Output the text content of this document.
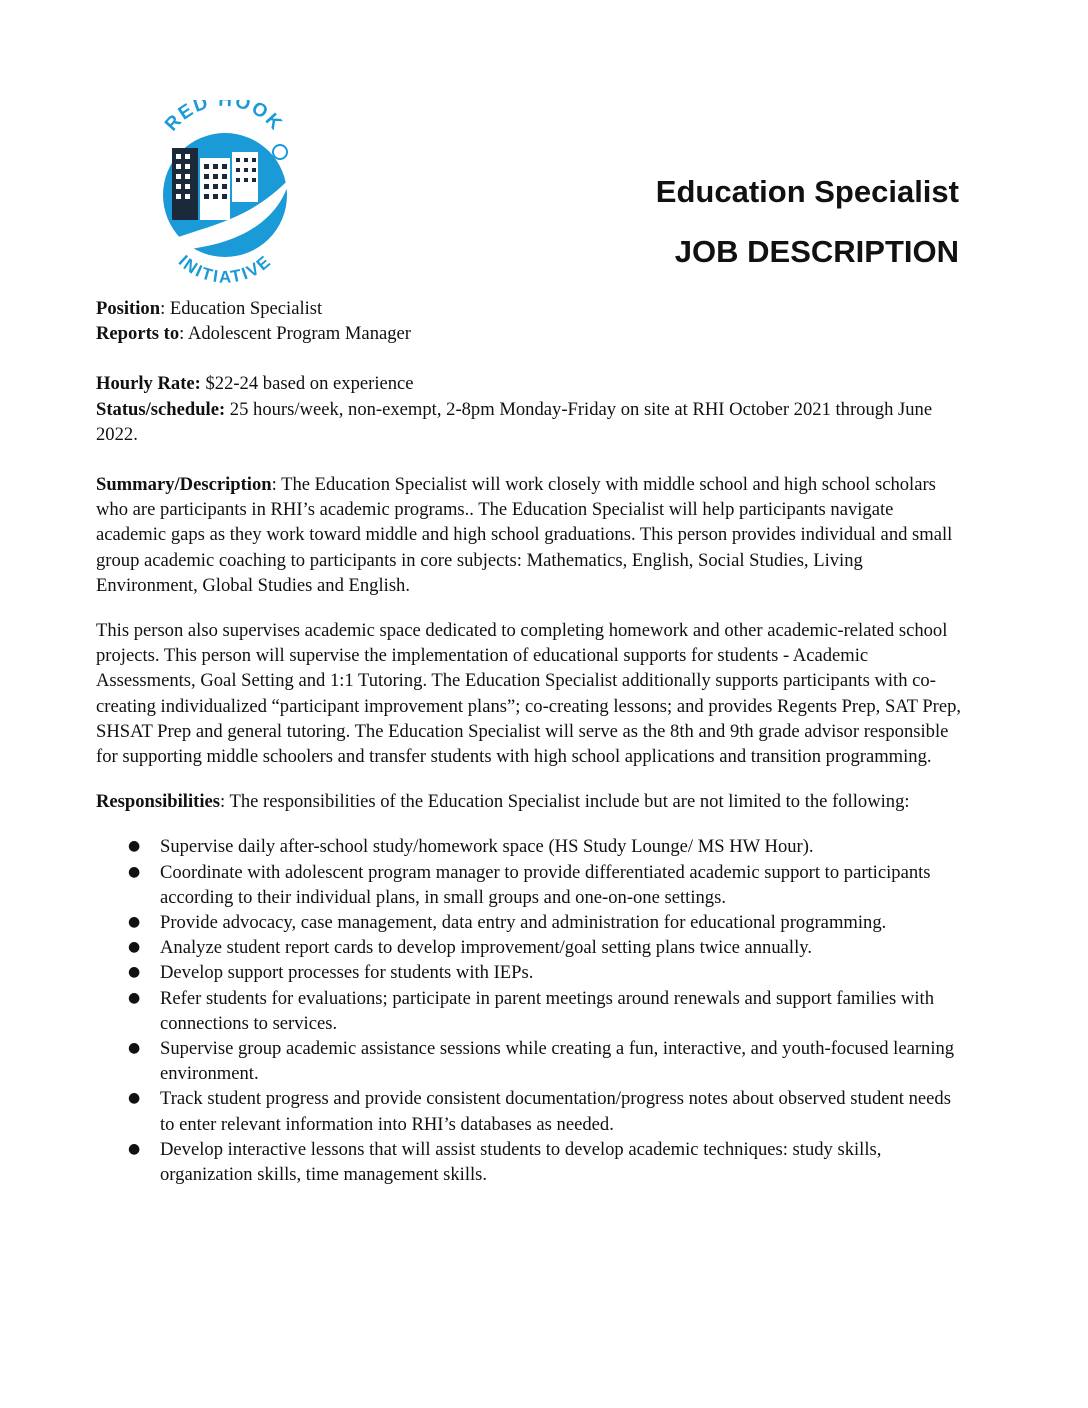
RED HOOK
INITIATIVE
Education Specialist
JOB DESCRIPTION

Position: Education Specialist

Reports to: Adolescent Program Manager

Hourly Rate: $22-24 based on experience

Status/schedule: 25 hours/week, non-exempt, 2-8pm Monday-Friday on site at RHI October 2021 through June 2022.

Summary/Description: The Education Specialist will work closely with middle school and high school scholars who are participants in RHI’s academic programs.. The Education Specialist will help participants navigate academic gaps as they work toward middle and high school graduations. This person provides individual and small group academic coaching to participants in core subjects: Mathematics, English, Social Studies, Living Environment, Global Studies and English.

This person also supervises academic space dedicated to completing homework and other academic-related school projects. This person will supervise the implementation of educational supports for students - Academic Assessments, Goal Setting and 1:1 Tutoring. The Education Specialist additionally supports participants with co-creating individualized “participant improvement plans”; co-creating lessons; and provides Regents Prep, SAT Prep, SHSAT Prep and general tutoring. The Education Specialist will serve as the 8th and 9th grade advisor responsible for supporting middle schoolers and transfer students with high school applications and transition programming.

Responsibilities: The responsibilities of the Education Specialist include but are not limited to the following:

● Supervise daily after-school study/homework space (HS Study Lounge/ MS HW Hour).
● Coordinate with adolescent program manager to provide differentiated academic support to participants according to their individual plans, in small groups and one-on-one settings.
● Provide advocacy, case management, data entry and administration for educational programming.
● Analyze student report cards to develop improvement/goal setting plans twice annually.
● Develop support processes for students with IEPs.
● Refer students for evaluations; participate in parent meetings around renewals and support families with connections to services.
● Supervise group academic assistance sessions while creating a fun, interactive, and youth-focused learning environment.
● Track student progress and provide consistent documentation/progress notes about observed student needs to enter relevant information into RHI’s databases as needed.
● Develop interactive lessons that will assist students to develop academic techniques: study skills, organization skills, time management skills.
